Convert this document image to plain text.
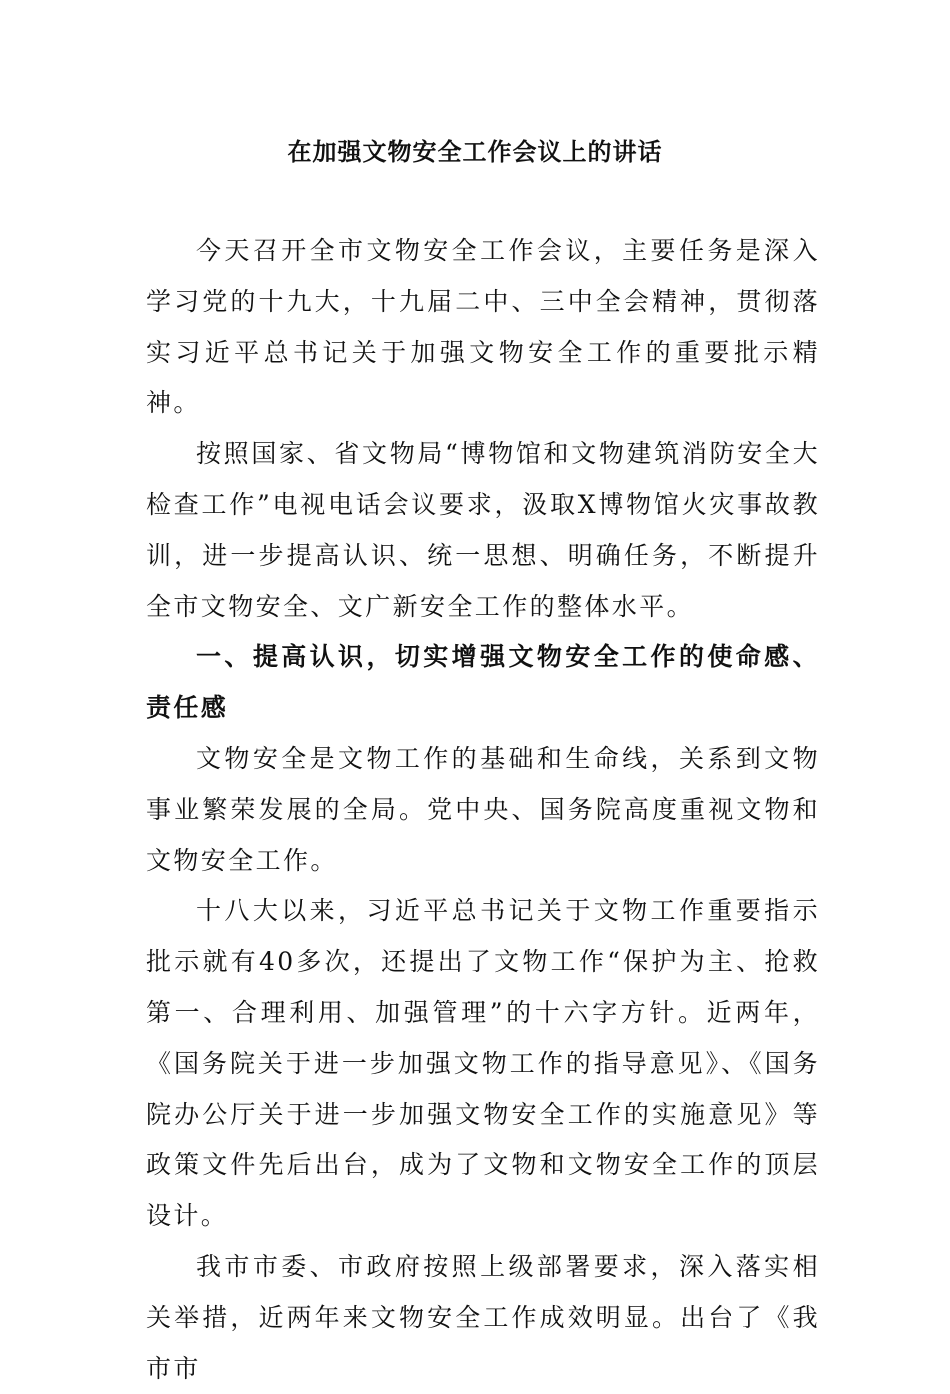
在加强文物安全工作会议上的讲话

今天召开全市文物安全工作会议，主要任务是深入学习党的十九大，十九届二中、三中全会精神，贯彻落实习近平总书记关于加强文物安全工作的重要批示精神。

按照国家、省文物局“博物馆和文物建筑消防安全大检查工作”电视电话会议要求，汲取X博物馆火灾事故教训，进一步提高认识、统一思想、明确任务，不断提升全市文物安全、文广新安全工作的整体水平。

一、提高认识，切实增强文物安全工作的使命感、责任感

文物安全是文物工作的基础和生命线，关系到文物事业繁荣发展的全局。党中央、国务院高度重视文物和文物安全工作。

十八大以来，习近平总书记关于文物工作重要指示批示就有40多次，还提出了文物工作“保护为主、抢救第一、合理利用、加强管理”的十六字方针。近两年，《国务院关于进一步加强文物工作的指导意见》、《国务院办公厅关于进一步加强文物安全工作的实施意见》等政策文件先后出台，成为了文物和文物安全工作的顶层设计。

我市市委、市政府按照上级部署要求，深入落实相关举措，近两年来文物安全工作成效明显。出台了《我市市
